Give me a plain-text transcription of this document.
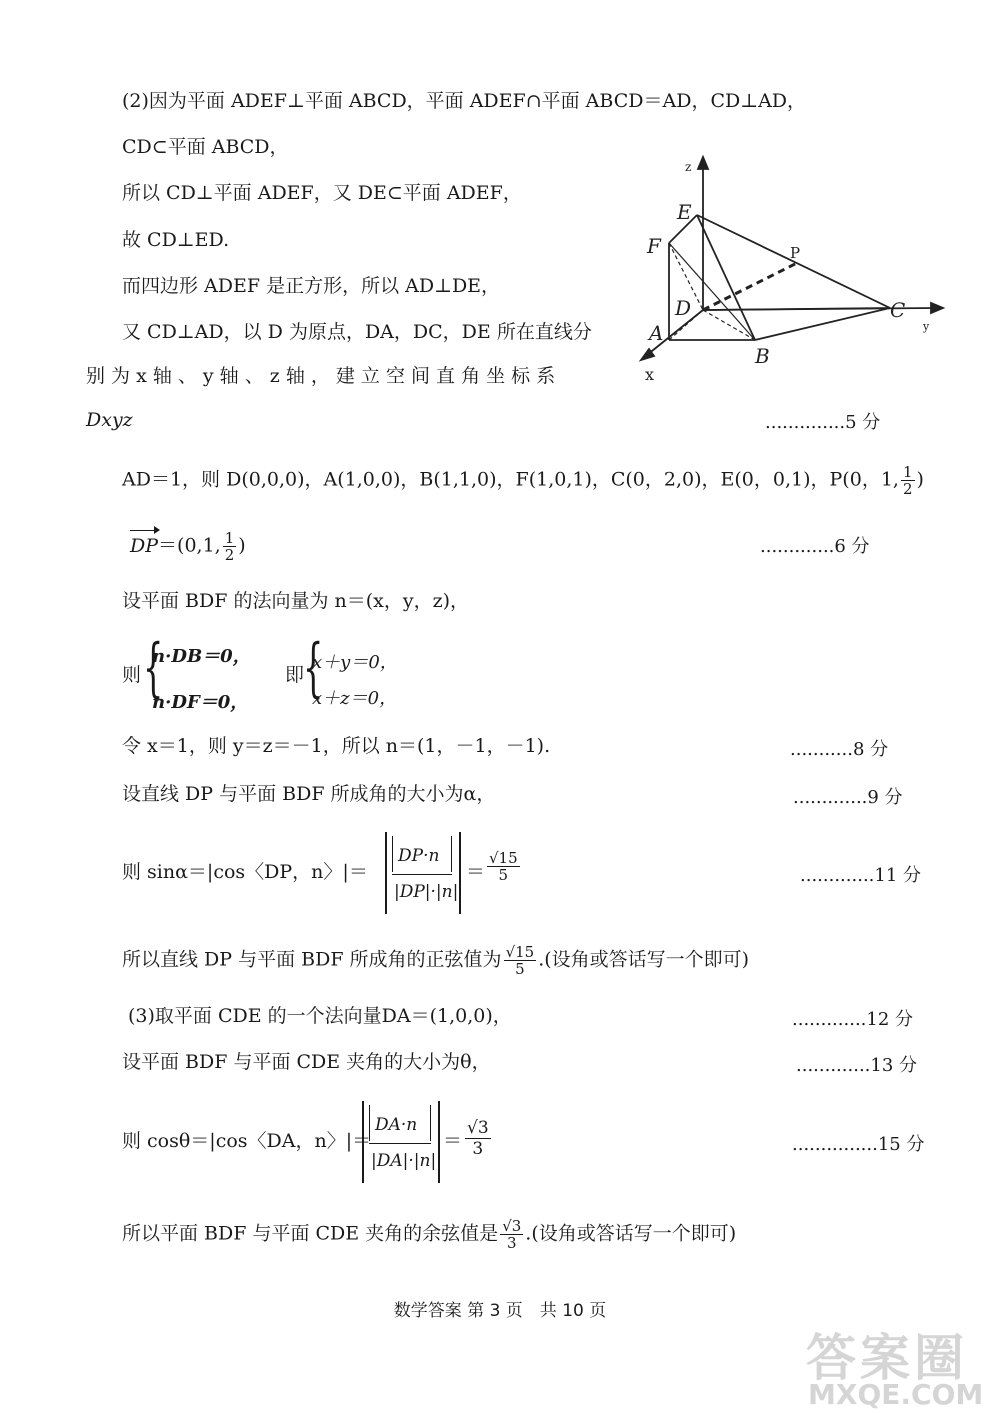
(2)因为平面 ADEF⊥平面 ABCD，平面 ADEF∩平面 ABCD＝AD，CD⊥AD，
CD⊂平面 ABCD，
所以 CD⊥平面 ADEF，又 DE⊂平面 ADEF，
故 CD⊥ED.
而四边形 ADEF 是正方形，所以 AD⊥DE，
又 CD⊥AD，以 D 为原点，DA，DC，DE 所在直线分
别 为 x 轴 、 y 轴 、 z 轴 ， 建 立 空 间 直 角 坐 标 系
Dxyz	..............5 分
AD＝1，则 D(0,0,0)，A(1,0,0)，B(1,1,0)，F(1,0,1)，C(0，2,0)，E(0，0,1)，P(0，1, $\frac{1}{2}$ )
DP＝(0,1, $\frac{1}{2}$ )	.............6 分
设平面 BDF 的法向量为 n＝(x，y，z)，
则 {
n·DB＝0，
n·DF＝0，
即
{
x＋y＝0，
x＋z＝0，
令 x＝1，则 y＝z＝－1，所以 n＝(1，－1，－1).	...........8 分
设直线 DP 与平面 BDF 所成角的大小为α，	.............9 分
则 sinα＝|cos〈DP，n〉|＝
DP·n
|DP|·|n|
＝ $\frac{√15}{5}$	.............11 分
所以直线 DP 与平面 BDF 所成角的正弦值为 $\frac{√15}{5}$ .(设角或答话写一个即可)
(3)取平面 CDE 的一个法向量DA＝(1,0,0)，	.............12 分
设平面 BDF 与平面 CDE 夹角的大小为θ，	.............13 分
则 cosθ＝|cos〈DA，n〉|＝
DA·n
|DA|·|n|
＝ $\frac{√3}{3}$	...............15 分
所以平面 BDF 与平面 CDE 夹角的余弦值是 $\frac{√3}{3}$ .(设角或答话写一个即可)
数学答案 第 3 页　共 10 页
答案圈
MXQE.COM
z
E
F	P
D	C
y
A
B
x
